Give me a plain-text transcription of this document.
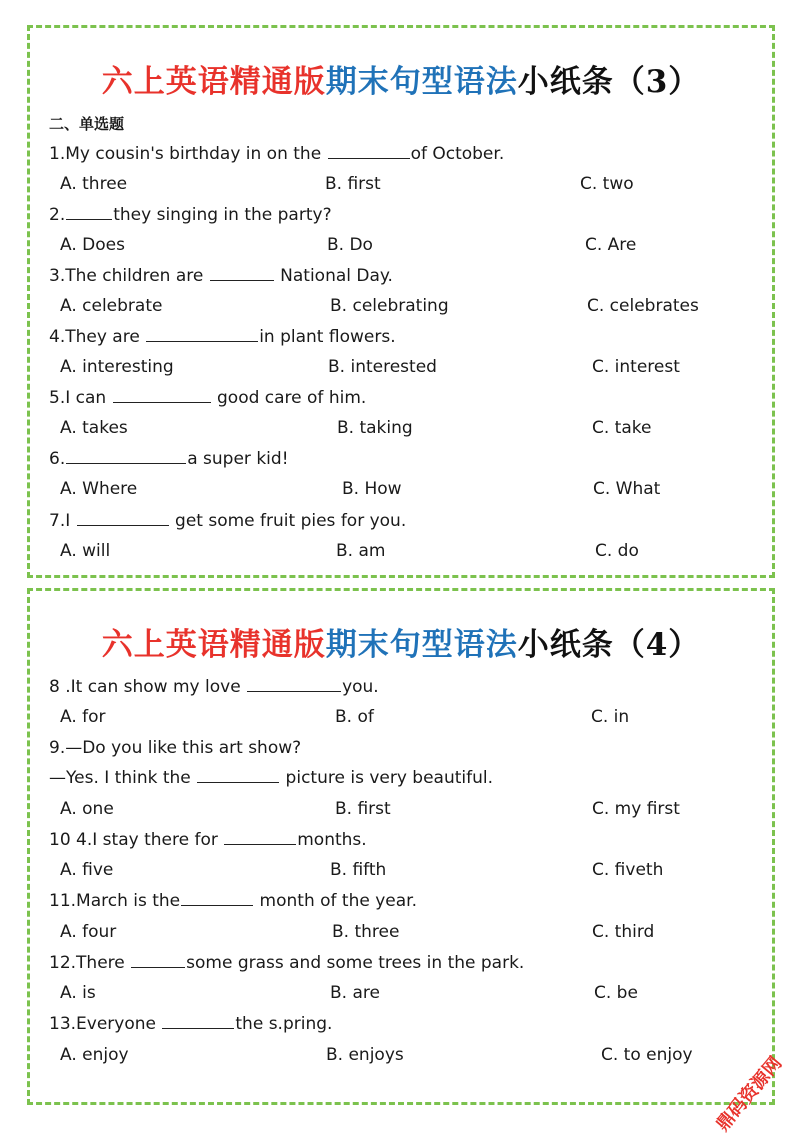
六上英语精通版期末句型语法小纸条（3）
二、单选题
1.My cousin's birthday in on the	of October.
A. three	B. first	C. two
2.	they singing in the party?
A. Does	B. Do	C. Are
3.The children are	National Day.
A. celebrate	B. celebrating	C. celebrates
4.They are	in plant flowers.
A. interesting	B. interested	C. interest
5.I can	good care of him.
A. takes	B. taking	C. take
6.	a super kid!
A. Where	B. How	C. What
7.I	get some fruit pies for you.
A. will	B. am	C. do
六上英语精通版期末句型语法小纸条（4）
8 .It can show my love	you.
A. for	B. of	C. in
9.—Do you like this art show?
—Yes. I think the	picture is very beautiful.
A. one	B. first	C. my first
10 4.I stay there for	months.
A. five	B. fifth	C. fiveth
11.March is the	month of the year.
A. four	B. three	C. third
12.There	some grass and some trees in the park.
A. is	B. are	C. be
13.Everyone	the s.pring.
A. enjoy	B. enjoys	C. to enjoy 鼎码资源网
